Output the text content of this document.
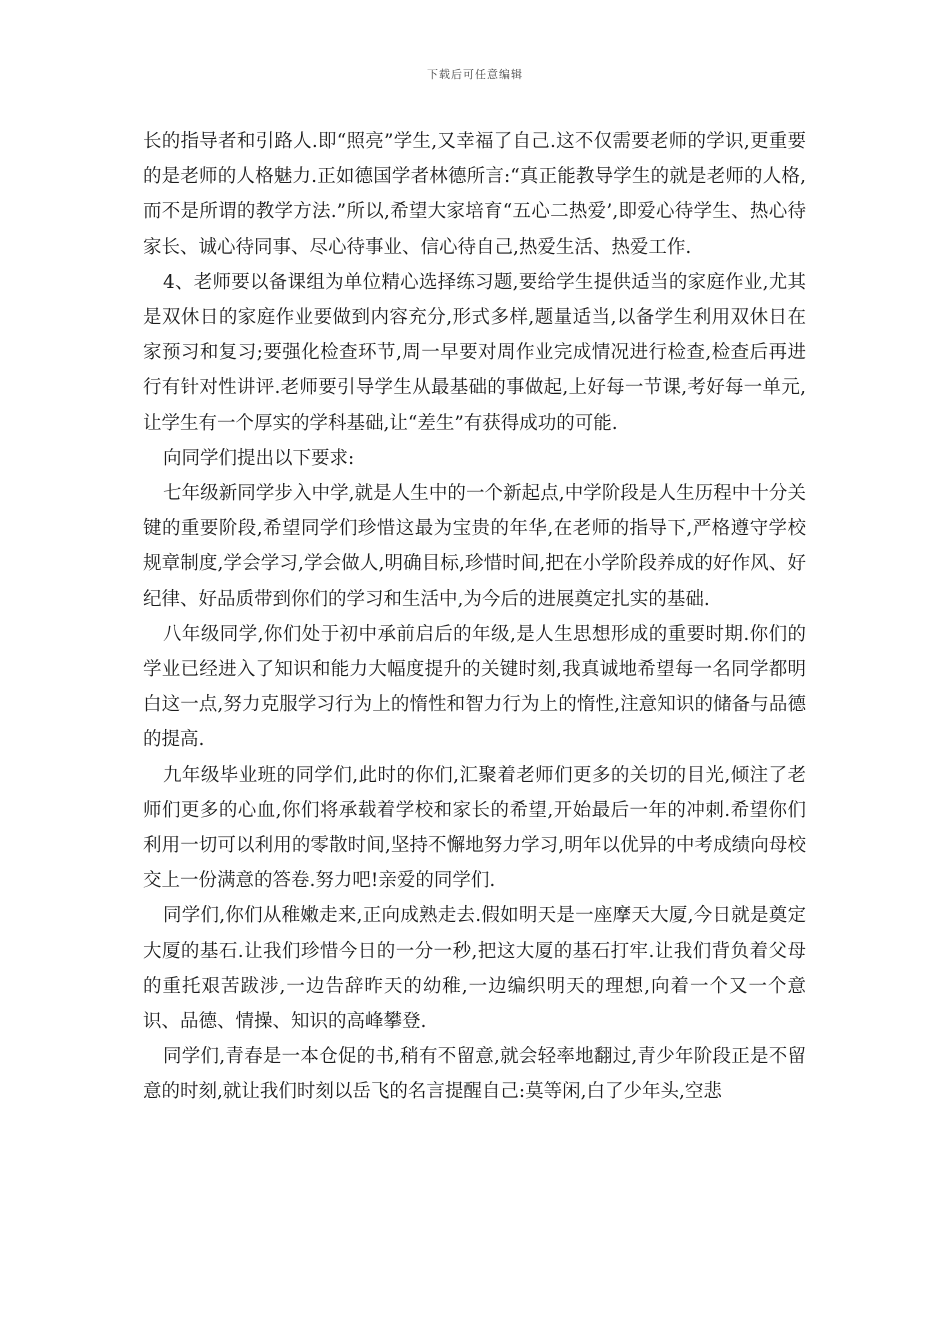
下载后可任意编辑

长的指导者和引路人.即“照亮”学生,又幸福了自己.这不仅需要老师的学识,更重要的是老师的人格魅力.正如德国学者林德所言:“真正能教导学生的就是老师的人格,而不是所谓的教学方法.”所以,希望大家培育“五心二热爱’,即爱心待学生、热心待家长、诚心待同事、尽心待事业、信心待自己,热爱生活、热爱工作.

4、老师要以备课组为单位精心选择练习题,要给学生提供适当的家庭作业,尤其是双休日的家庭作业要做到内容充分,形式多样,题量适当,以备学生利用双休日在家预习和复习;要强化检查环节,周一早要对周作业完成情况进行检查,检查后再进行有针对性讲评.老师要引导学生从最基础的事做起,上好每一节课,考好每一单元,让学生有一个厚实的学科基础,让“差生”有获得成功的可能.

向同学们提出以下要求:

七年级新同学步入中学,就是人生中的一个新起点,中学阶段是人生历程中十分关键的重要阶段,希望同学们珍惜这最为宝贵的年华,在老师的指导下,严格遵守学校规章制度,学会学习,学会做人,明确目标,珍惜时间,把在小学阶段养成的好作风、好纪律、好品质带到你们的学习和生活中,为今后的进展奠定扎实的基础.

八年级同学,你们处于初中承前启后的年级,是人生思想形成的重要时期.你们的学业已经进入了知识和能力大幅度提升的关键时刻,我真诚地希望每一名同学都明白这一点,努力克服学习行为上的惰性和智力行为上的惰性,注意知识的储备与品德的提高.

九年级毕业班的同学们,此时的你们,汇聚着老师们更多的关切的目光,倾注了老师们更多的心血,你们将承载着学校和家长的希望,开始最后一年的冲刺.希望你们利用一切可以利用的零散时间,坚持不懈地努力学习,明年以优异的中考成绩向母校交上一份满意的答卷.努力吧!亲爱的同学们.

同学们,你们从稚嫩走来,正向成熟走去.假如明天是一座摩天大厦,今日就是奠定大厦的基石.让我们珍惜今日的一分一秒,把这大厦的基石打牢.让我们背负着父母的重托艰苦跋涉,一边告辞昨天的幼稚,一边编织明天的理想,向着一个又一个意识、品德、情操、知识的高峰攀登.

同学们,青春是一本仓促的书,稍有不留意,就会轻率地翻过,青少年阶段正是不留意的时刻,就让我们时刻以岳飞的名言提醒自己:莫等闲,白了少年头,空悲
